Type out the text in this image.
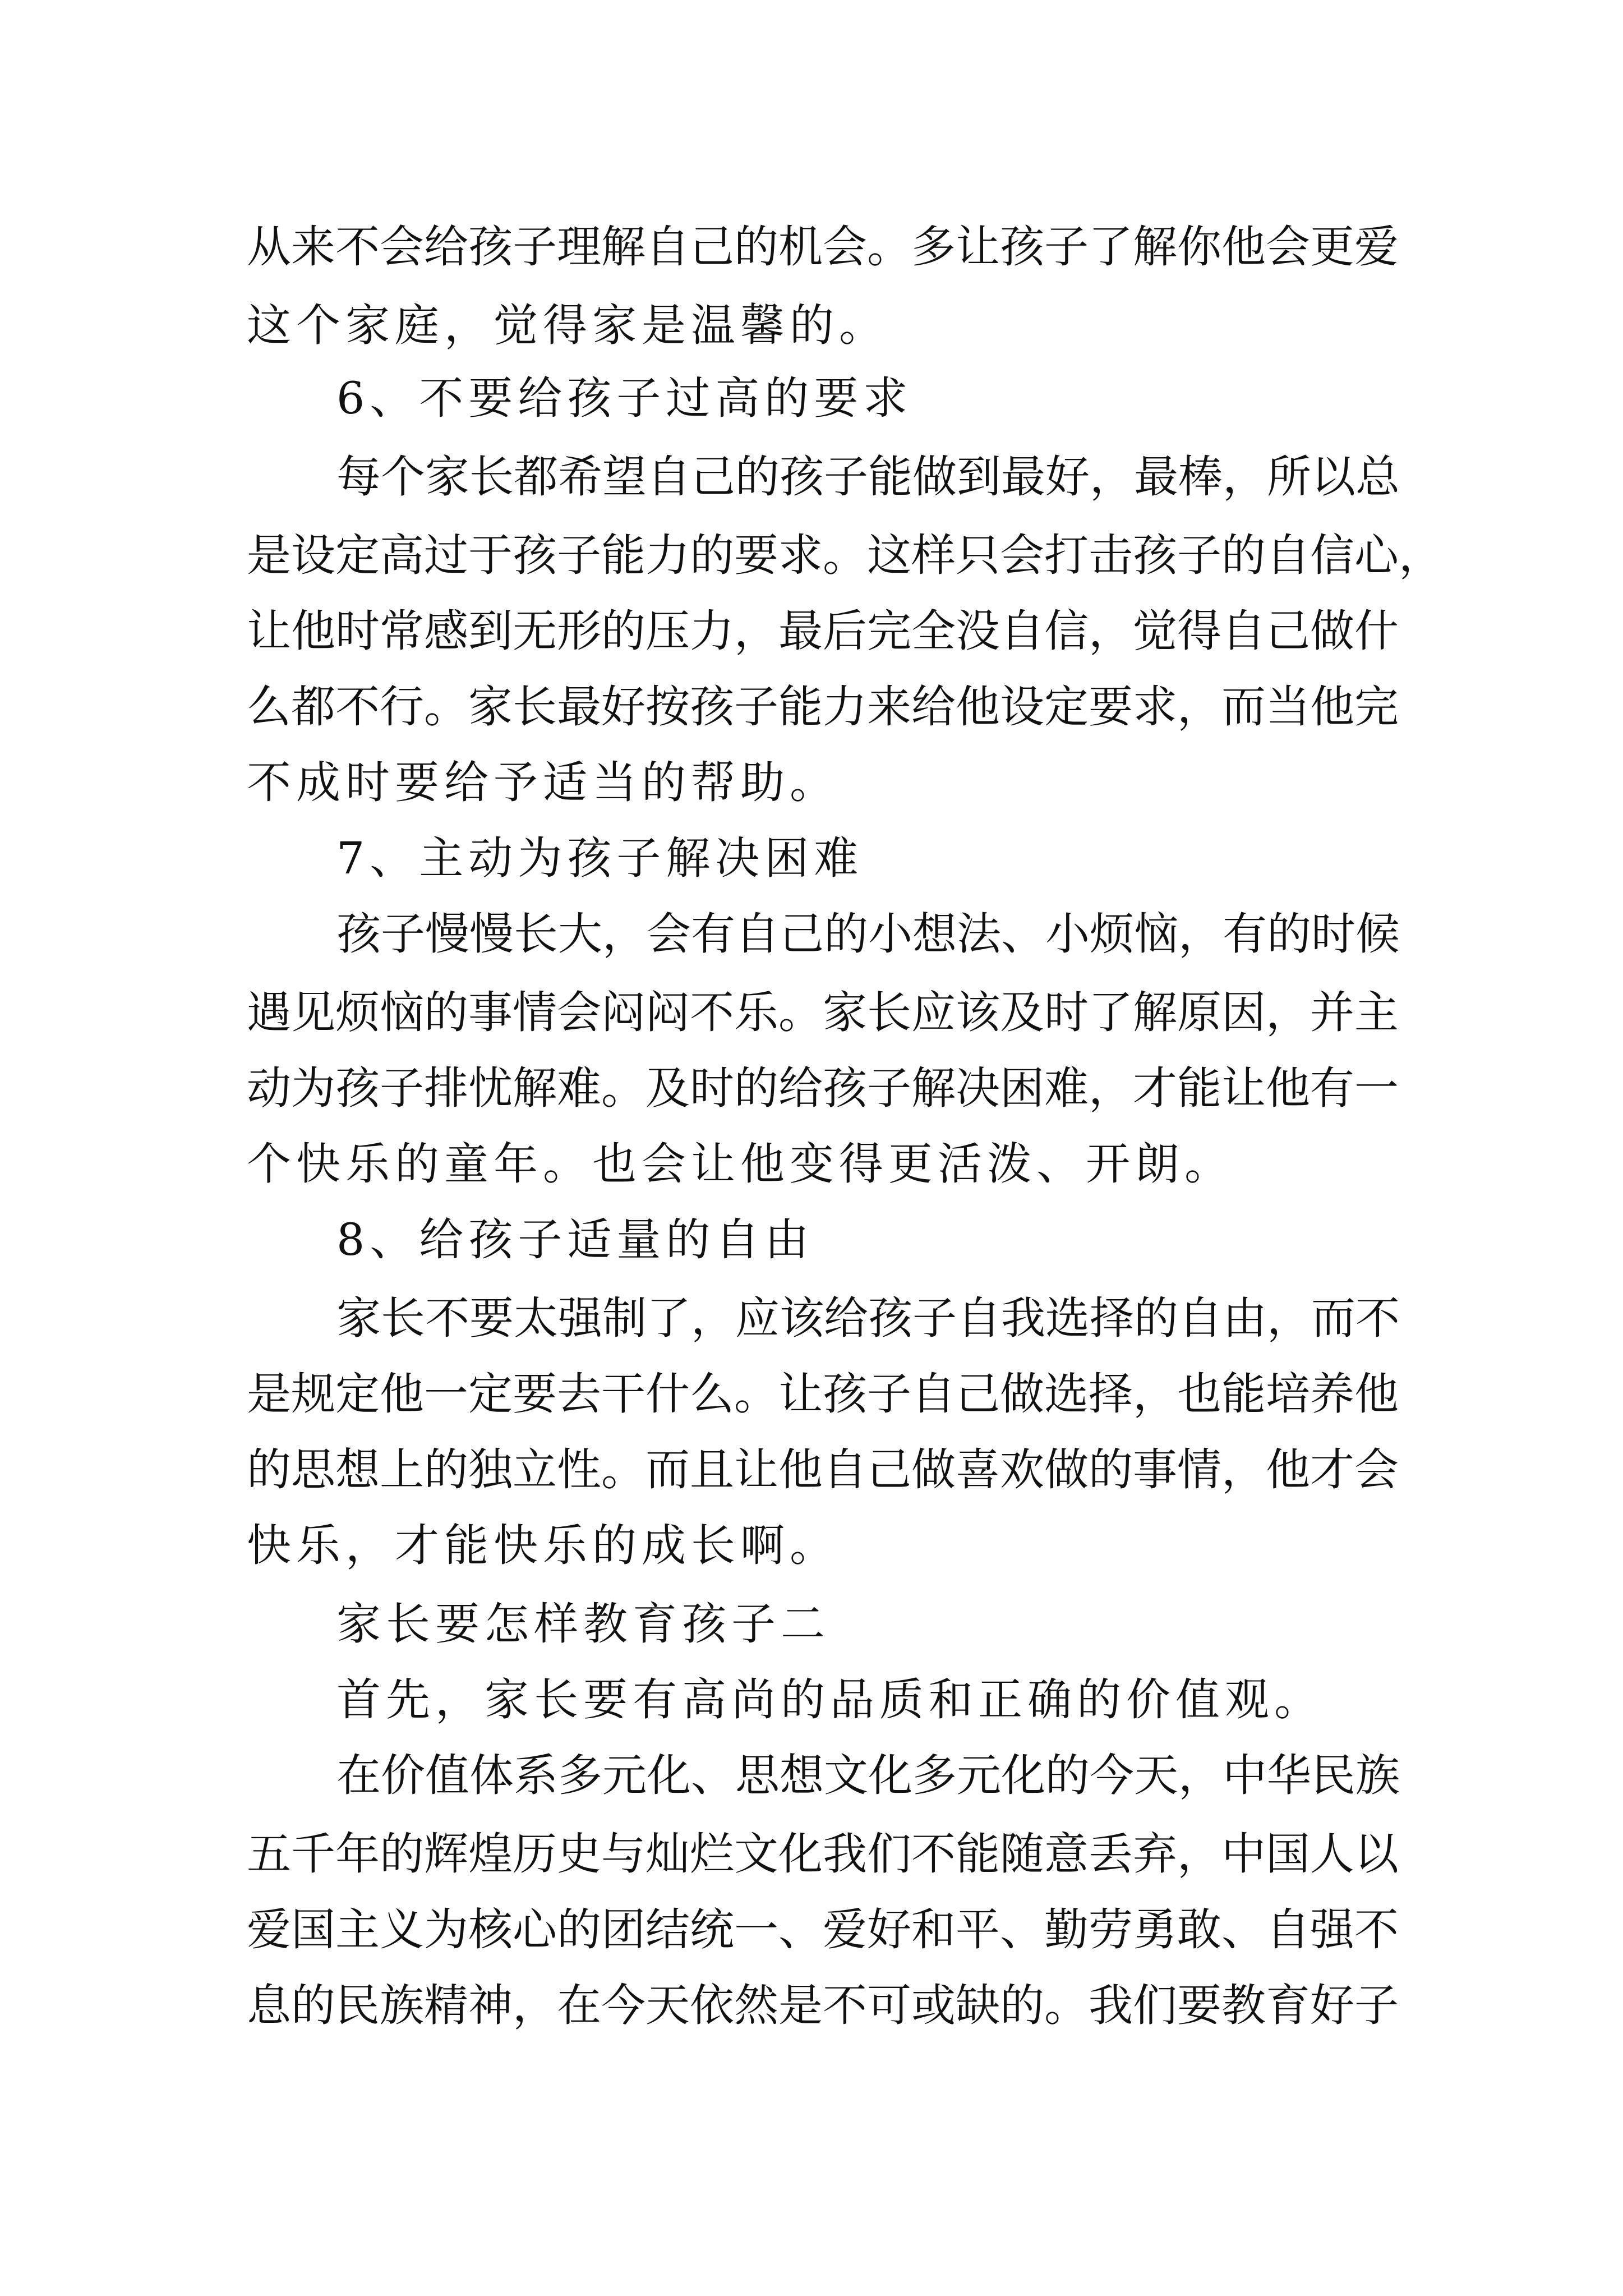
从来不会给孩子理解自己的机会。多让孩子了解你他会更爱
这个家庭，觉得家是温馨的。
6、不要给孩子过高的要求
每个家长都希望自己的孩子能做到最好，最棒，所以总
是设定高过于孩子能力的要求。这样只会打击孩子的自信心，
让他时常感到无形的压力，最后完全没自信，觉得自己做什
么都不行。家长最好按孩子能力来给他设定要求，而当他完
不成时要给予适当的帮助。
7、主动为孩子解决困难
孩子慢慢长大，会有自己的小想法、小烦恼，有的时候
遇见烦恼的事情会闷闷不乐。家长应该及时了解原因，并主
动为孩子排忧解难。及时的给孩子解决困难，才能让他有一
个快乐的童年。也会让他变得更活泼、开朗。
8、给孩子适量的自由
家长不要太强制了，应该给孩子自我选择的自由，而不
是规定他一定要去干什么。让孩子自己做选择，也能培养他
的思想上的独立性。而且让他自己做喜欢做的事情，他才会
快乐，才能快乐的成长啊。
家长要怎样教育孩子二
首先，家长要有高尚的品质和正确的价值观。
在价值体系多元化、思想文化多元化的今天，中华民族
五千年的辉煌历史与灿烂文化我们不能随意丢弃，中国人以
爱国主义为核心的团结统一、爱好和平、勤劳勇敢、自强不
息的民族精神，在今天依然是不可或缺的。我们要教育好子
